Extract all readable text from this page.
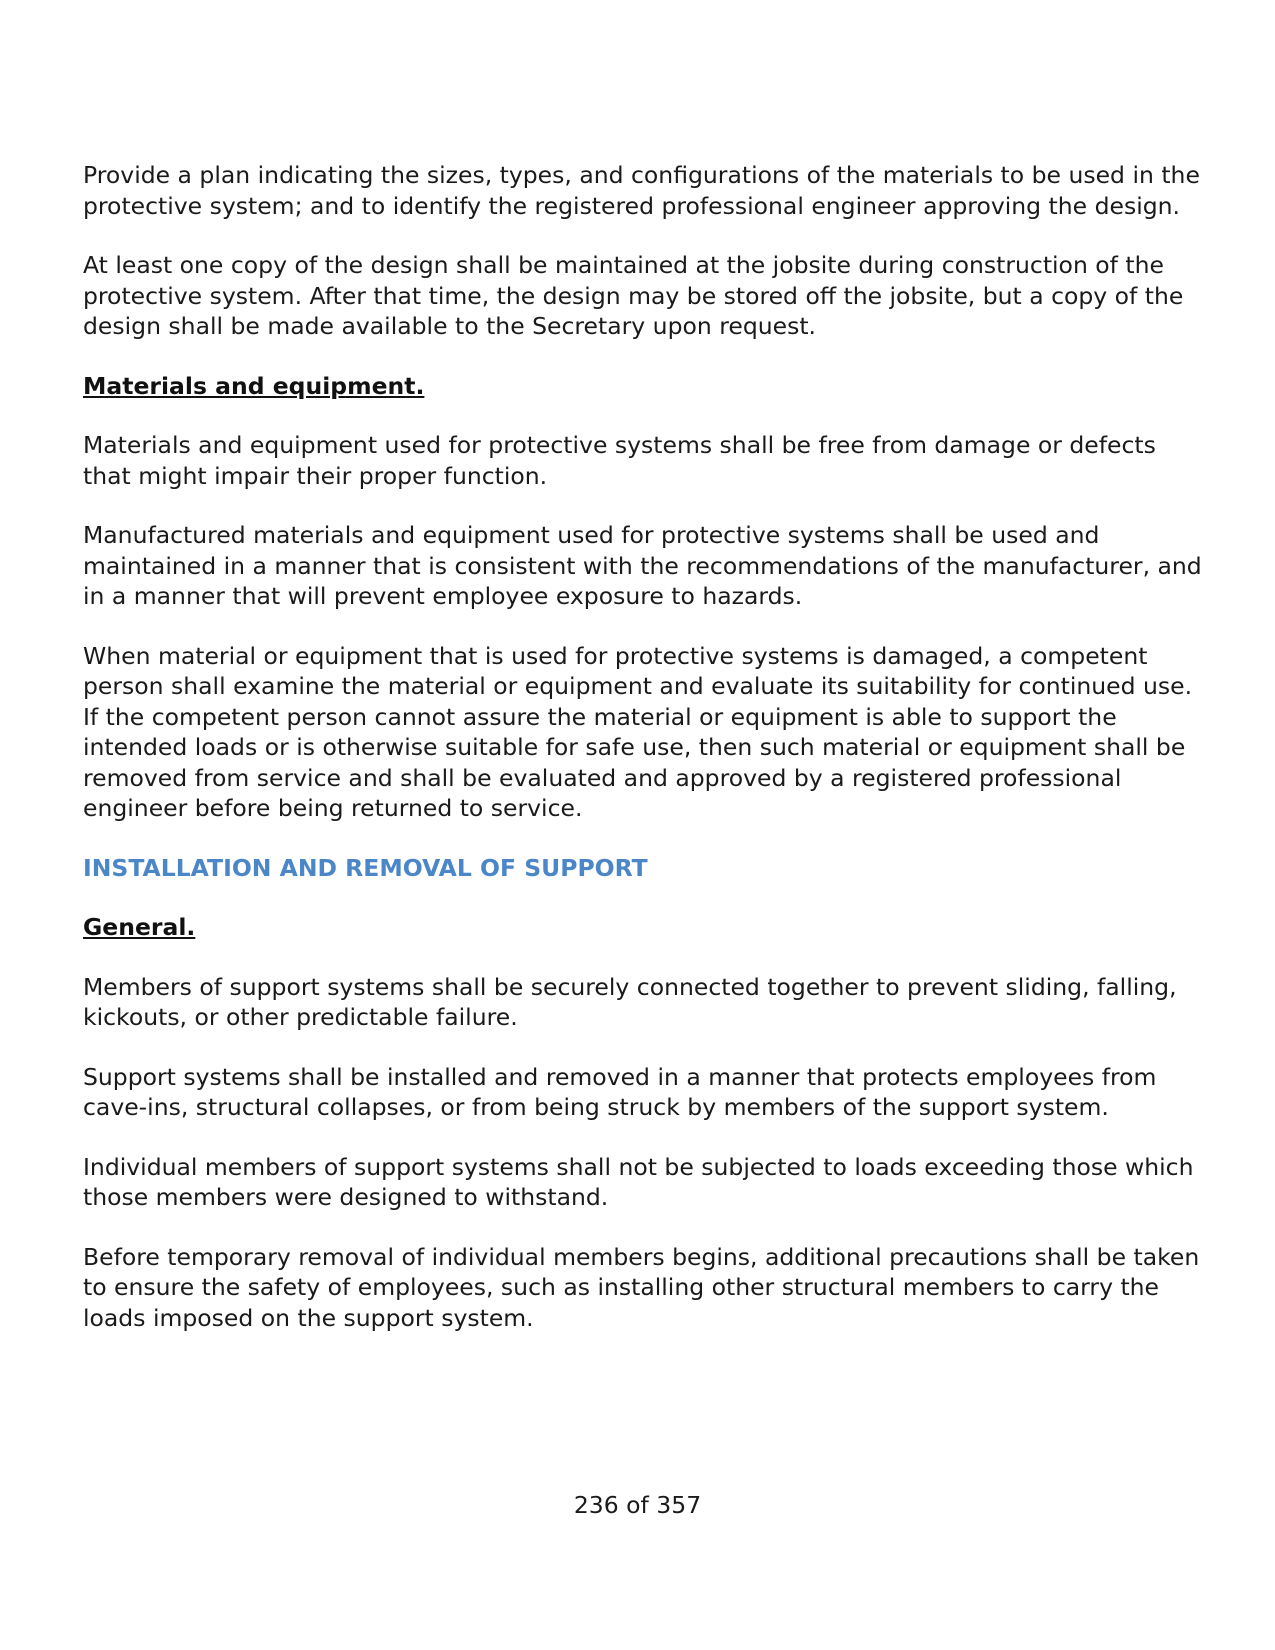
Provide a plan indicating the sizes, types, and configurations of the materials to be used in the protective system; and to identify the registered professional engineer approving the design.

At least one copy of the design shall be maintained at the jobsite during construction of the protective system. After that time, the design may be stored off the jobsite, but a copy of the design shall be made available to the Secretary upon request.

Materials and equipment.

Materials and equipment used for protective systems shall be free from damage or defects that might impair their proper function.

Manufactured materials and equipment used for protective systems shall be used and maintained in a manner that is consistent with the recommendations of the manufacturer, and in a manner that will prevent employee exposure to hazards.

When material or equipment that is used for protective systems is damaged, a competent person shall examine the material or equipment and evaluate its suitability for continued use. If the competent person cannot assure the material or equipment is able to support the intended loads or is otherwise suitable for safe use, then such material or equipment shall be removed from service and shall be evaluated and approved by a registered professional engineer before being returned to service.

INSTALLATION AND REMOVAL OF SUPPORT
General.

Members of support systems shall be securely connected together to prevent sliding, falling, kickouts, or other predictable failure.

Support systems shall be installed and removed in a manner that protects employees from cave-ins, structural collapses, or from being struck by members of the support system.

Individual members of support systems shall not be subjected to loads exceeding those which those members were designed to withstand.

Before temporary removal of individual members begins, additional precautions shall be taken to ensure the safety of employees, such as installing other structural members to carry the loads imposed on the support system.

236 of 357
